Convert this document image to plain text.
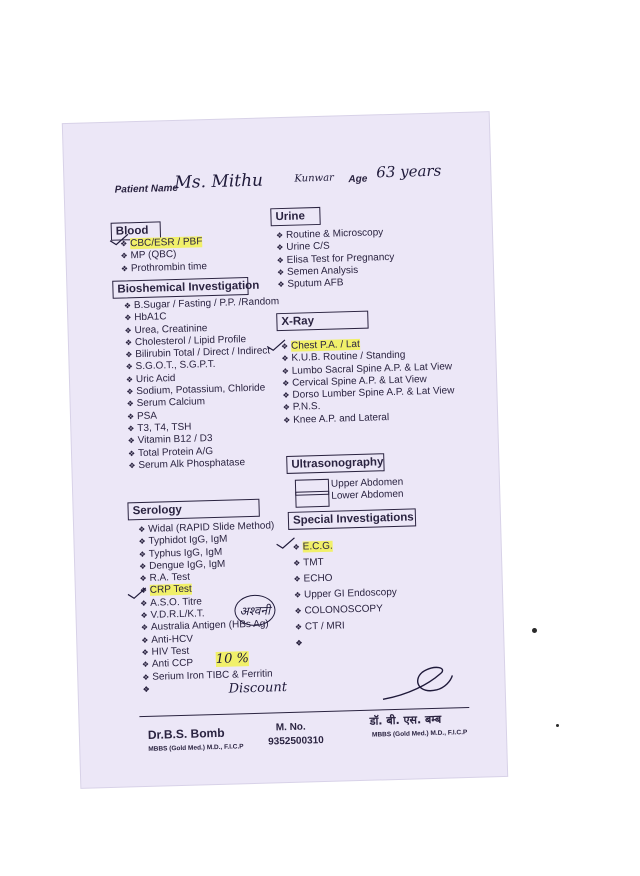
Patient Name
Ms. Mithu	Kunwar Age 63 years
Blood
❖ CBC/ESR / PBF
❖ MP (QBC)
❖ Prothrombin time
Bioshemical Investigation
❖ B.Sugar / Fasting / P.P. /Random
❖ HbA1C
❖ Urea, Creatinine
❖ Cholesterol / Lipid Profile
❖ Bilirubin Total / Direct / Indirect
❖ S.G.O.T., S.G.P.T.
❖ Uric Acid
❖ Sodium, Potassium, Chloride
❖ Serum Calcium
❖ PSA
❖ T3, T4, TSH
❖ Vitamin B12 / D3
❖ Total Protein A/G
❖ Serum Alk Phosphatase
Serology
❖ Widal (RAPID Slide Method)
❖ Typhidot IgG, IgM
❖ Typhus IgG, IgM
❖ Dengue IgG, IgM
❖ R.A. Test
❖ CRP Test
❖ A.S.O. Titre
❖ V.D.R.L/K.T.
❖ Australia Antigen (HBs Ag)
❖ Anti-HCV
❖ HIV Test
❖ Anti CCP
❖ Serium Iron TIBC & Ferritin
❖
❖
Urine
❖ Routine & Microscopy
❖ Urine C/S
❖ Elisa Test for Pregnancy
❖ Semen Analysis
❖ Sputum AFB
X-Ray
❖ Chest P.A. / Lat
❖ K.U.B. Routine / Standing
❖ Lumbo Sacral Spine A.P. & Lat View
❖ Cervical Spine A.P. & Lat View
❖ Dorso Lumber Spine A.P. & Lat View
❖ P.N.S.
❖ Knee A.P. and Lateral
Ultrasonography
Upper Abdomen
Lower Abdomen
Special Investigations
❖ E.C.G.
❖ TMT
❖ ECHO
❖ Upper GI Endoscopy
❖ COLONOSCOPY
❖ CT / MRI
❖
❖
अश्वनी
10 %
Discount
Dr.B.S. Bomb
MBBS (Gold Med.) M.D., F.I.C.P
M. No.
9352500310
डॉ. बी. एस. बम्ब
MBBS (Gold Med.) M.D., F.I.C.P
